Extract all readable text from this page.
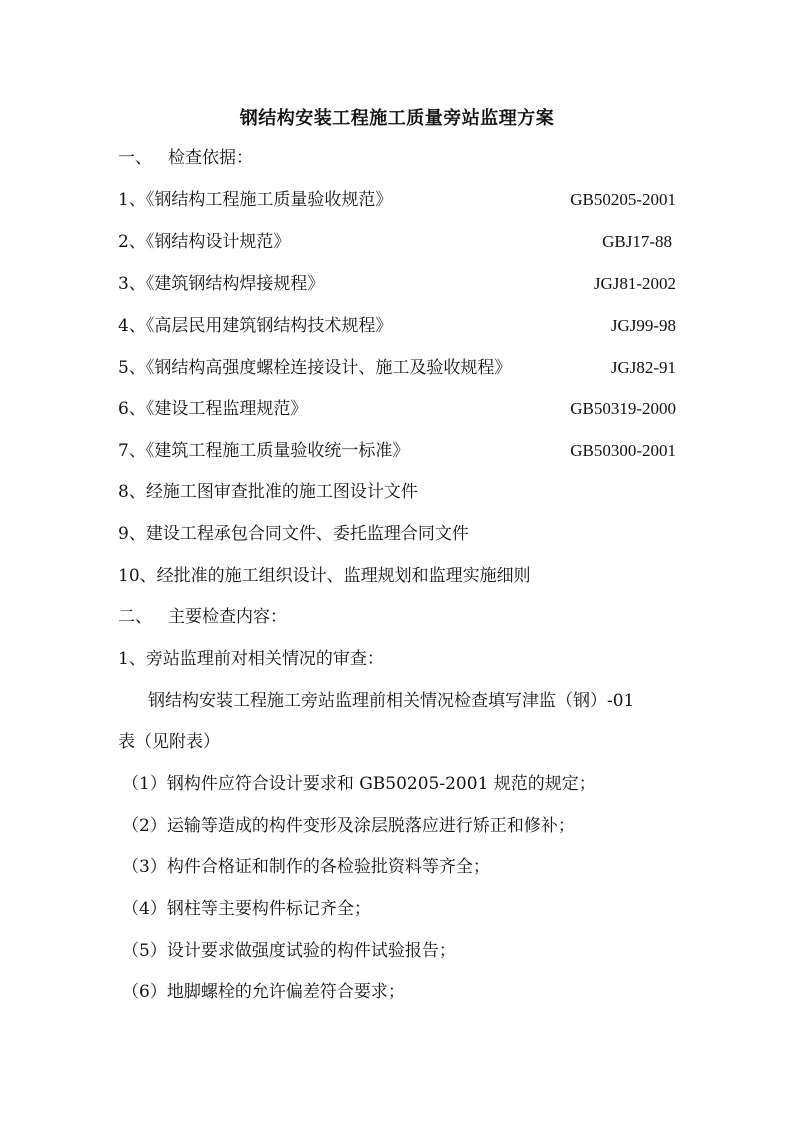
钢结构安装工程施工质量旁站监理方案
一、 检查依据：
1、《钢结构工程施工质量验收规范》	GB50205-2001
2、《钢结构设计规范》	GBJ17-88
3、《建筑钢结构焊接规程》	JGJ81-2002
4、《高层民用建筑钢结构技术规程》	JGJ99-98
5、《钢结构高强度螺栓连接设计、施工及验收规程》	JGJ82-91
6、《建设工程监理规范》	GB50319-2000
7、《建筑工程施工质量验收统一标准》	GB50300-2001
8、经施工图审查批准的施工图设计文件
9、建设工程承包合同文件、委托监理合同文件
10、经批准的施工组织设计、监理规划和监理实施细则
二、 主要检查内容：
1、旁站监理前对相关情况的审查：
钢结构安装工程施工旁站监理前相关情况检查填写津监（钢）-01
表（见附表）
（1）钢构件应符合设计要求和 GB50205-2001 规范的规定；
（2）运输等造成的构件变形及涂层脱落应进行矫正和修补；
（3）构件合格证和制作的各检验批资料等齐全；
（4）钢柱等主要构件标记齐全；
（5）设计要求做强度试验的构件试验报告；
（6）地脚螺栓的允许偏差符合要求；
